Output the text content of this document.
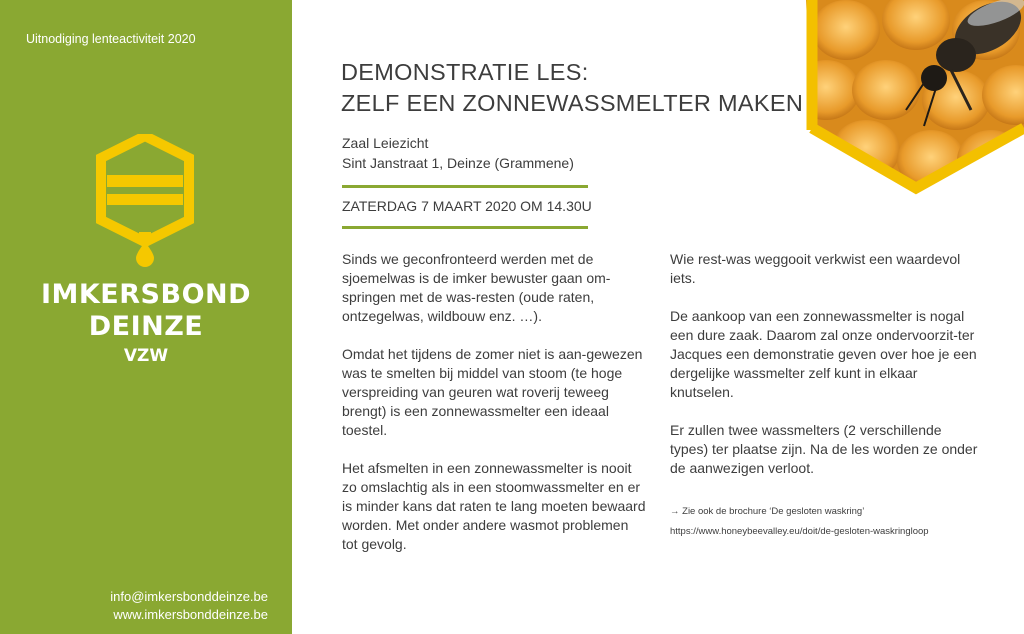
Uitnodiging lenteactiviteit 2020
IMKERSBOND
DEINZE
VZW
info@imkersbonddeinze.be
www.imkersbonddeinze.be
DEMONSTRATIE LES:
ZELF EEN ZONNEWASSMELTER MAKEN
Zaal Leiezicht
Sint Janstraat 1, Deinze (Grammene)
ZATERDAG 7 MAART 2020 OM 14.30U

Sinds we geconfronteerd werden met de sjoemelwas is de imker bewuster gaan om-springen met de was-resten (oude raten, ontzegelwas, wildbouw enz. …).

Omdat het tijdens de zomer niet is aan-gewezen was te smelten bij middel van stoom (te hoge verspreiding van geuren wat roverij teweeg brengt) is een zonnewassmelter een ideaal toestel.

Het afsmelten in een zonnewassmelter is nooit zo omslachtig als in een stoomwassmelter en er is minder kans dat raten te lang moeten bewaard worden. Met onder andere wasmot problemen tot gevolg.

Wie rest-was weggooit verkwist een waardevol iets.

De aankoop van een zonnewassmelter is nogal een dure zaak. Daarom zal onze ondervoorzit-ter Jacques een demonstratie geven over hoe je een dergelijke wassmelter zelf kunt in elkaar knutselen.

Er zullen twee wassmelters (2 verschillende types) ter plaatse zijn. Na de les worden ze onder de aanwezigen verloot.

→ Zie ook de brochure ‘De gesloten waskring’
https://www.honeybeevalley.eu/doit/de-gesloten-waskringloop
